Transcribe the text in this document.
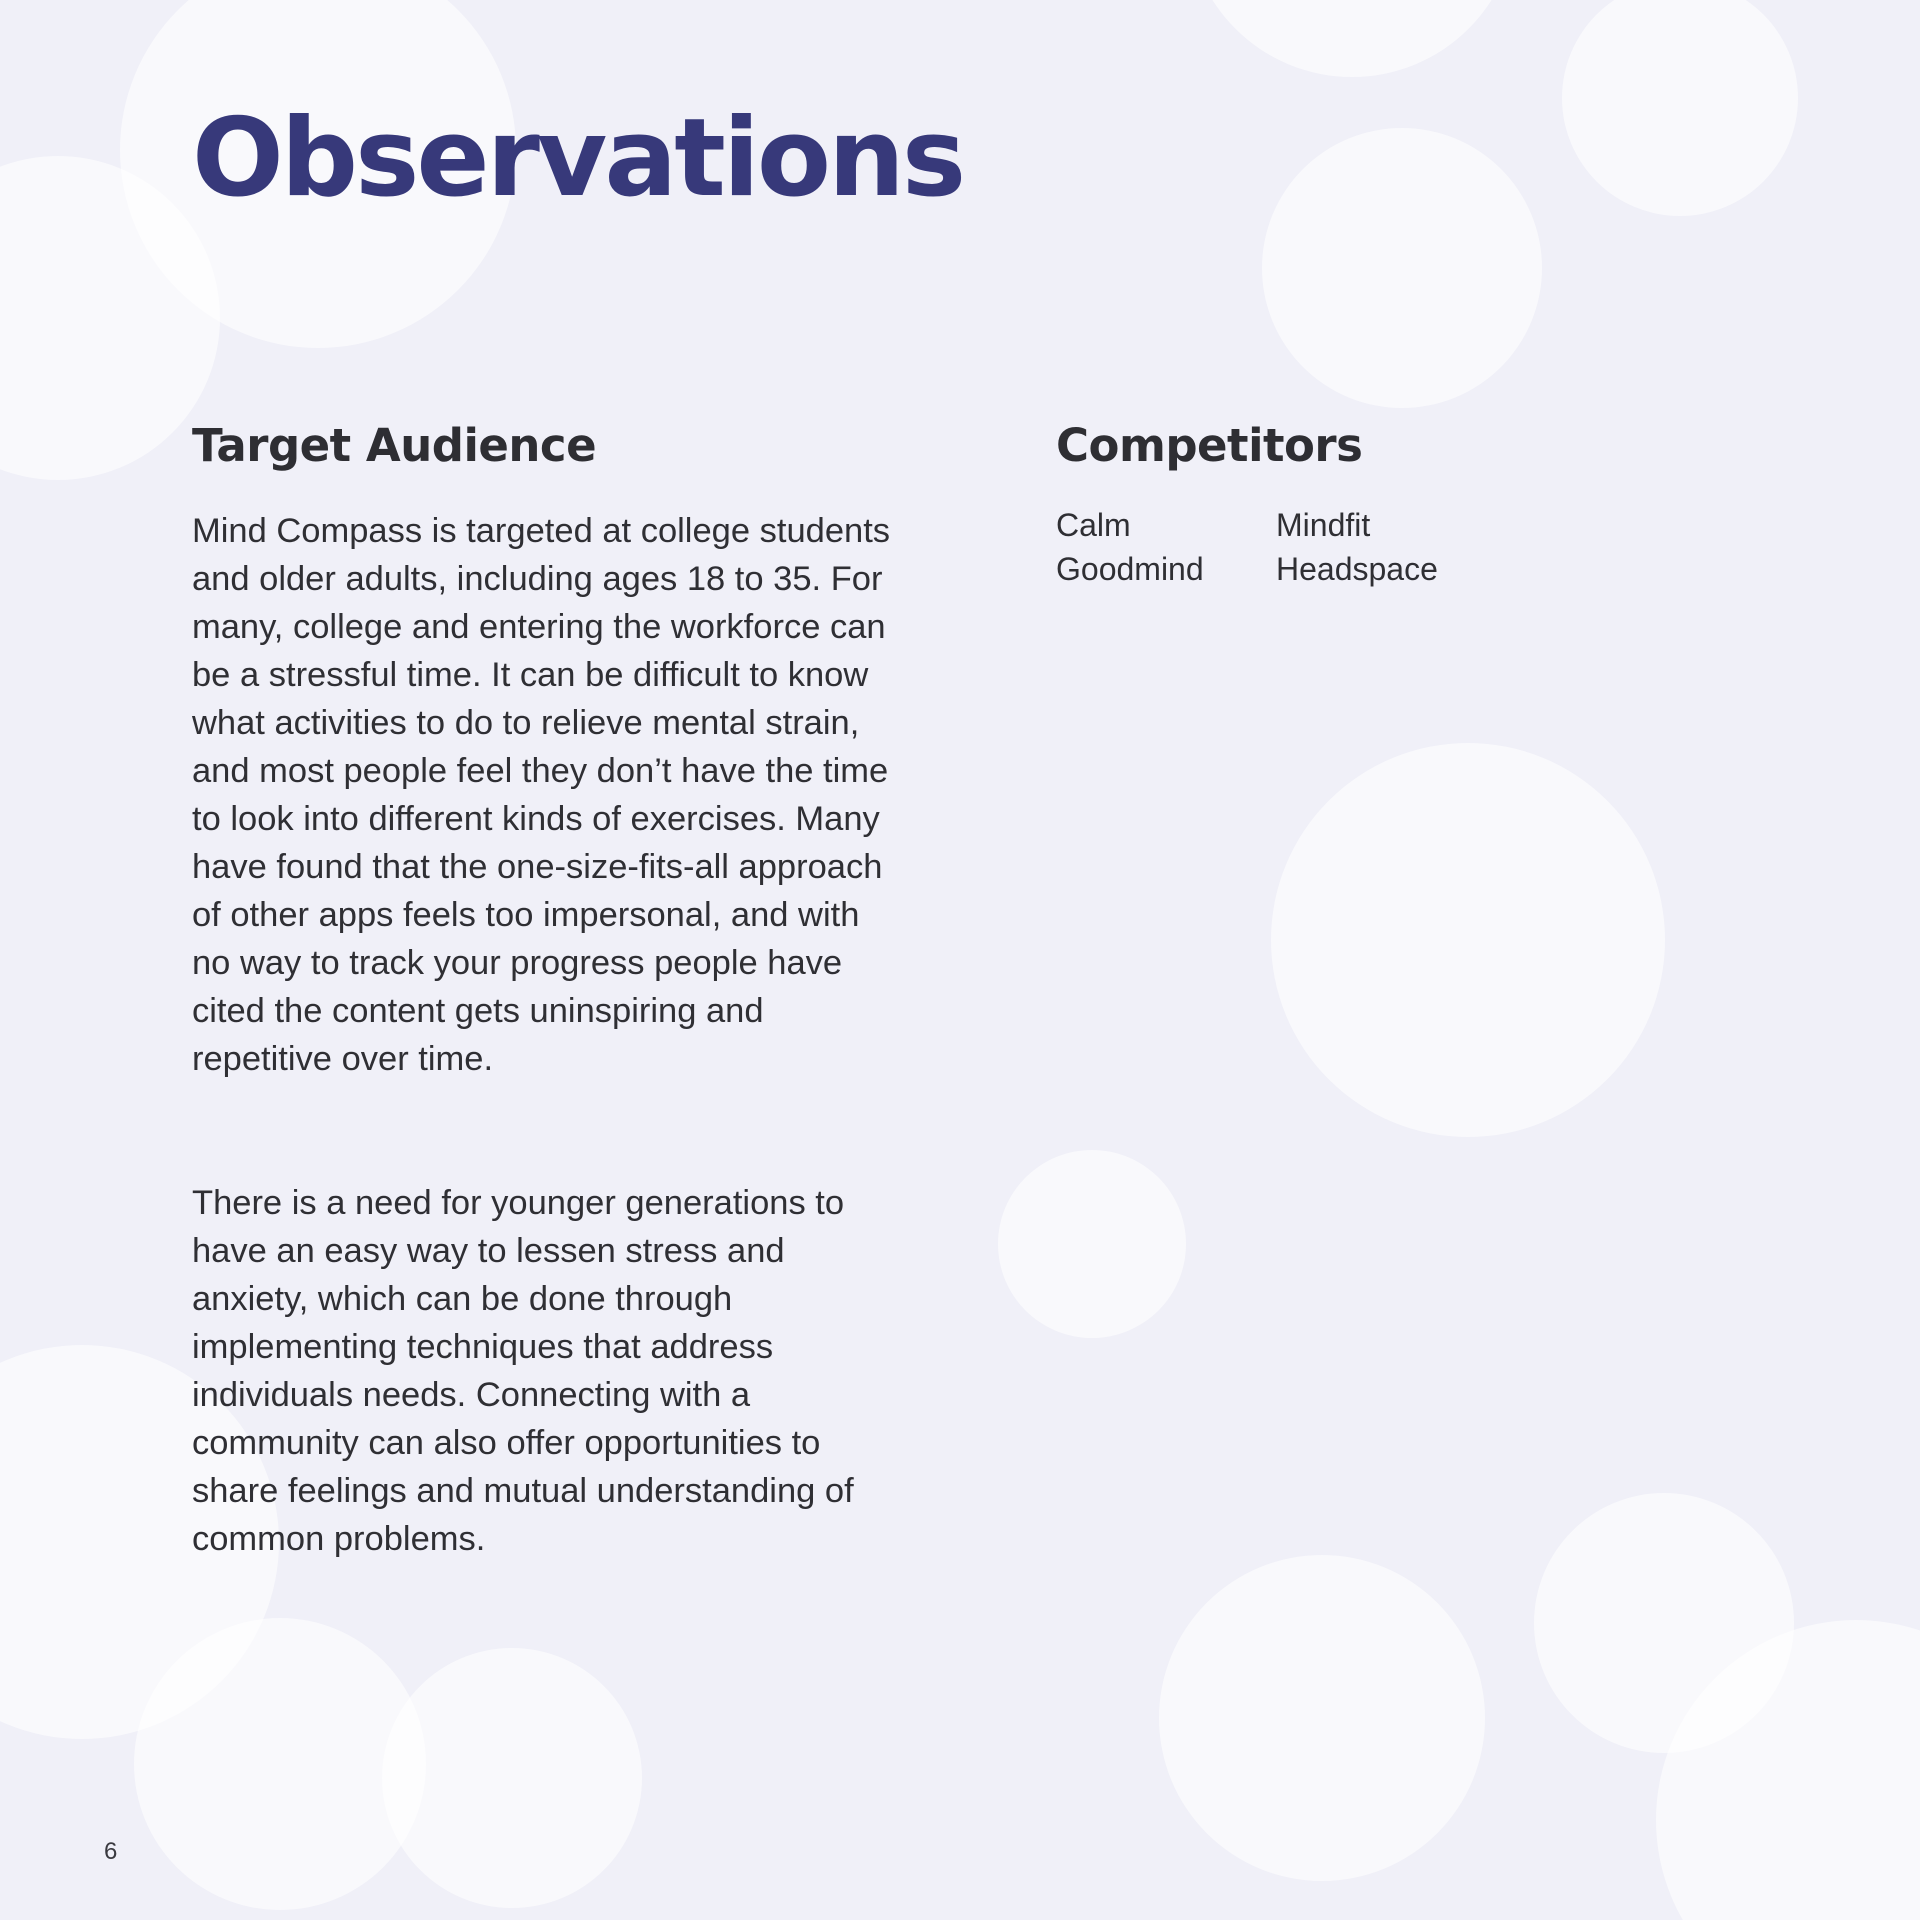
Observations
Target Audience

Mind Compass is targeted at college students and older adults, including ages 18 to 35. For many, college and entering the workforce can be a stressful time. It can be difficult to know what activities to do to relieve mental strain, and most people feel they don’t have the time to look into different kinds of exercises. Many have found that the one-size-fits-all approach of other apps feels too impersonal, and with no way to track your progress people have cited the content gets uninspiring and repetitive over time.

There is a need for younger generations to have an easy way to lessen stress and anxiety, which can be done through implementing techniques that address individuals needs. Connecting with a community can also offer opportunities to share feelings and mutual understanding of common problems.

Competitors
Calm	Mindfit
Goodmind	Headspace
6
